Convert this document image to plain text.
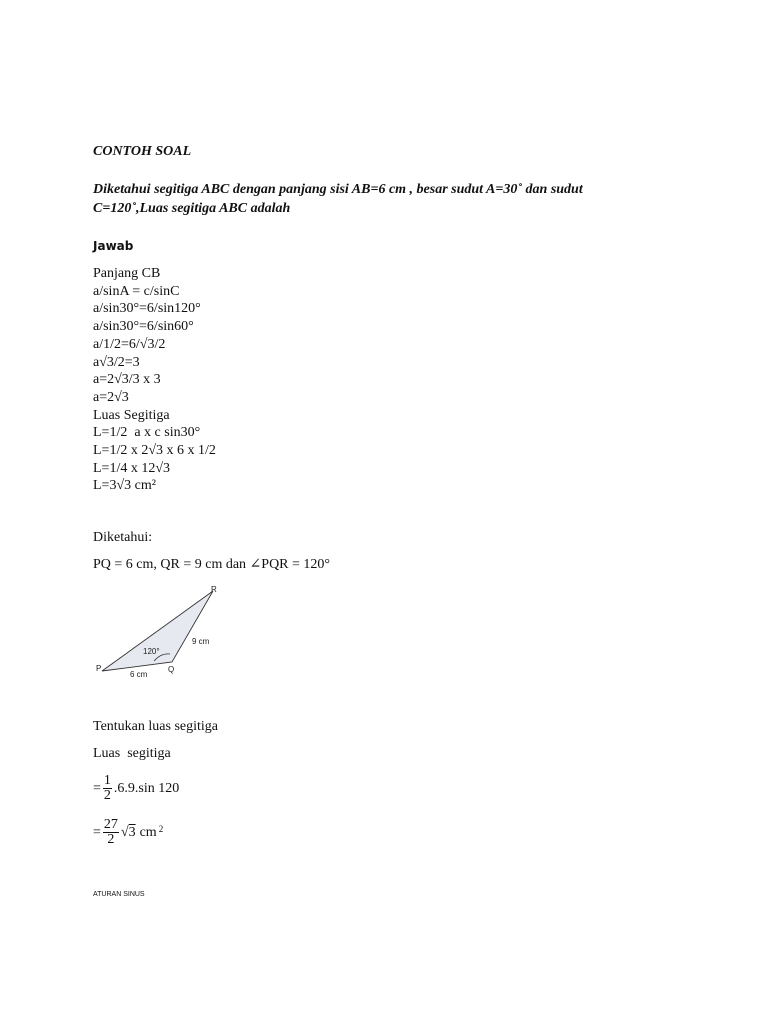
CONTOH SOAL
Diketahui segitiga ABC dengan panjang sisi AB=6 cm , besar sudut A=30˚ dan sudut C=120˚,Luas segitiga ABC adalah
Jawab
Panjang CB
a/sinA = c/sinC
a/sin30°=6/sin120°
a/sin30°=6/sin60°
a/1/2=6/√3/2
a√3/2=3
a=2√3/3 x 3
a=2√3
Luas Segitiga
L=1/2  a x c sin30°
L=1/2 x 2√3 x 6 x 1/2
L=1/4 x 12√3
L=3√3 cm²
Diketahui:
PQ = 6 cm, QR = 9 cm dan ∠PQR = 120°
P	Q
R
6 cm
9 cm
120°
Tentukan luas segitiga
Luas  segitiga
= $\frac{1}{2} .6.9.\sin$ 120
= $\frac{27}{2}$ √ 3 $cm^2$
ATURAN SINUS
